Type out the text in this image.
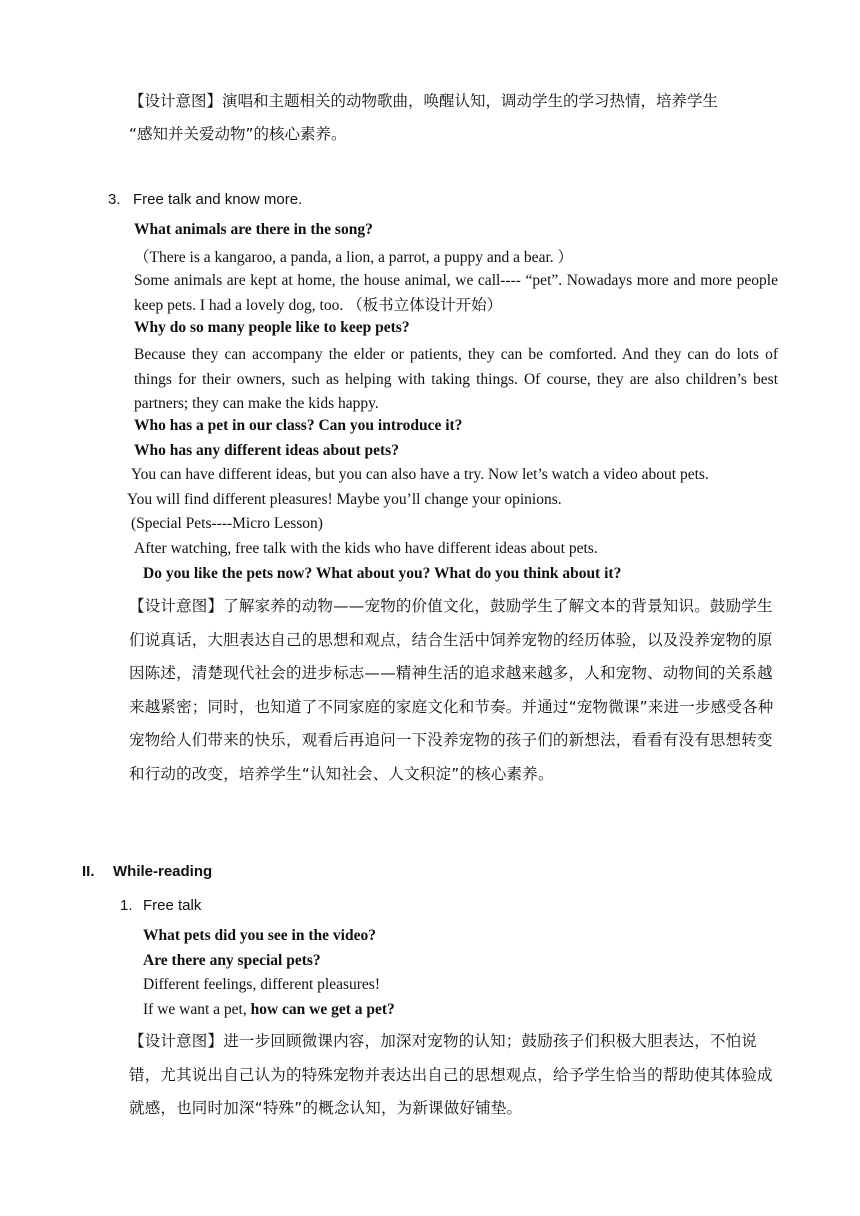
【设计意图】演唱和主题相关的动物歌曲，唤醒认知，调动学生的学习热情，培养学生
“感知并关爱动物”的核心素养。
3. Free talk and know more.
What animals are there in the song?
（There is a kangaroo, a panda, a lion, a parrot, a puppy and a bear. ）
Some animals are kept at home, the house animal, we call---- “pet”. Nowadays more and more people keep pets. I had a lovely dog, too. （板书立体设计开始）
Why do so many people like to keep pets?
Because they can accompany the elder or patients, they can be comforted. And they can do lots of things for their owners, such as helping with taking things. Of course, they are also children’s best partners; they can make the kids happy.
Who has a pet in our class? Can you introduce it?
Who has any different ideas about pets?
You can have different ideas, but you can also have a try. Now let’s watch a video about pets.
You will find different pleasures! Maybe you’ll change your opinions.
(Special Pets----Micro Lesson)
After watching, free talk with the kids who have different ideas about pets.
Do you like the pets now? What about you? What do you think about it?
【设计意图】了解家养的动物——宠物的价值文化，鼓励学生了解文本的背景知识。鼓励学生们说真话，大胆表达自己的思想和观点，结合生活中饲养宠物的经历体验，以及没养宠物的原因陈述，清楚现代社会的进步标志——精神生活的追求越来越多，人和宠物、动物间的关系越来越紧密；同时，也知道了不同家庭的家庭文化和节奏。并通过“宠物微课”来进一步感受各种宠物给人们带来的快乐，观看后再追问一下没养宠物的孩子们的新想法，看看有没有思想转变和行动的改变，培养学生“认知社会、人文积淀”的核心素养。
II. While-reading
1. Free talk
What pets did you see in the video?
Are there any special pets?
Different feelings, different pleasures!
If we want a pet, how can we get a pet?
【设计意图】进一步回顾微课内容，加深对宠物的认知；鼓励孩子们积极大胆表达，不怕说错，尤其说出自己认为的特殊宠物并表达出自己的思想观点，给予学生恰当的帮助使其体验成就感，也同时加深“特殊”的概念认知，为新课做好铺垫。
